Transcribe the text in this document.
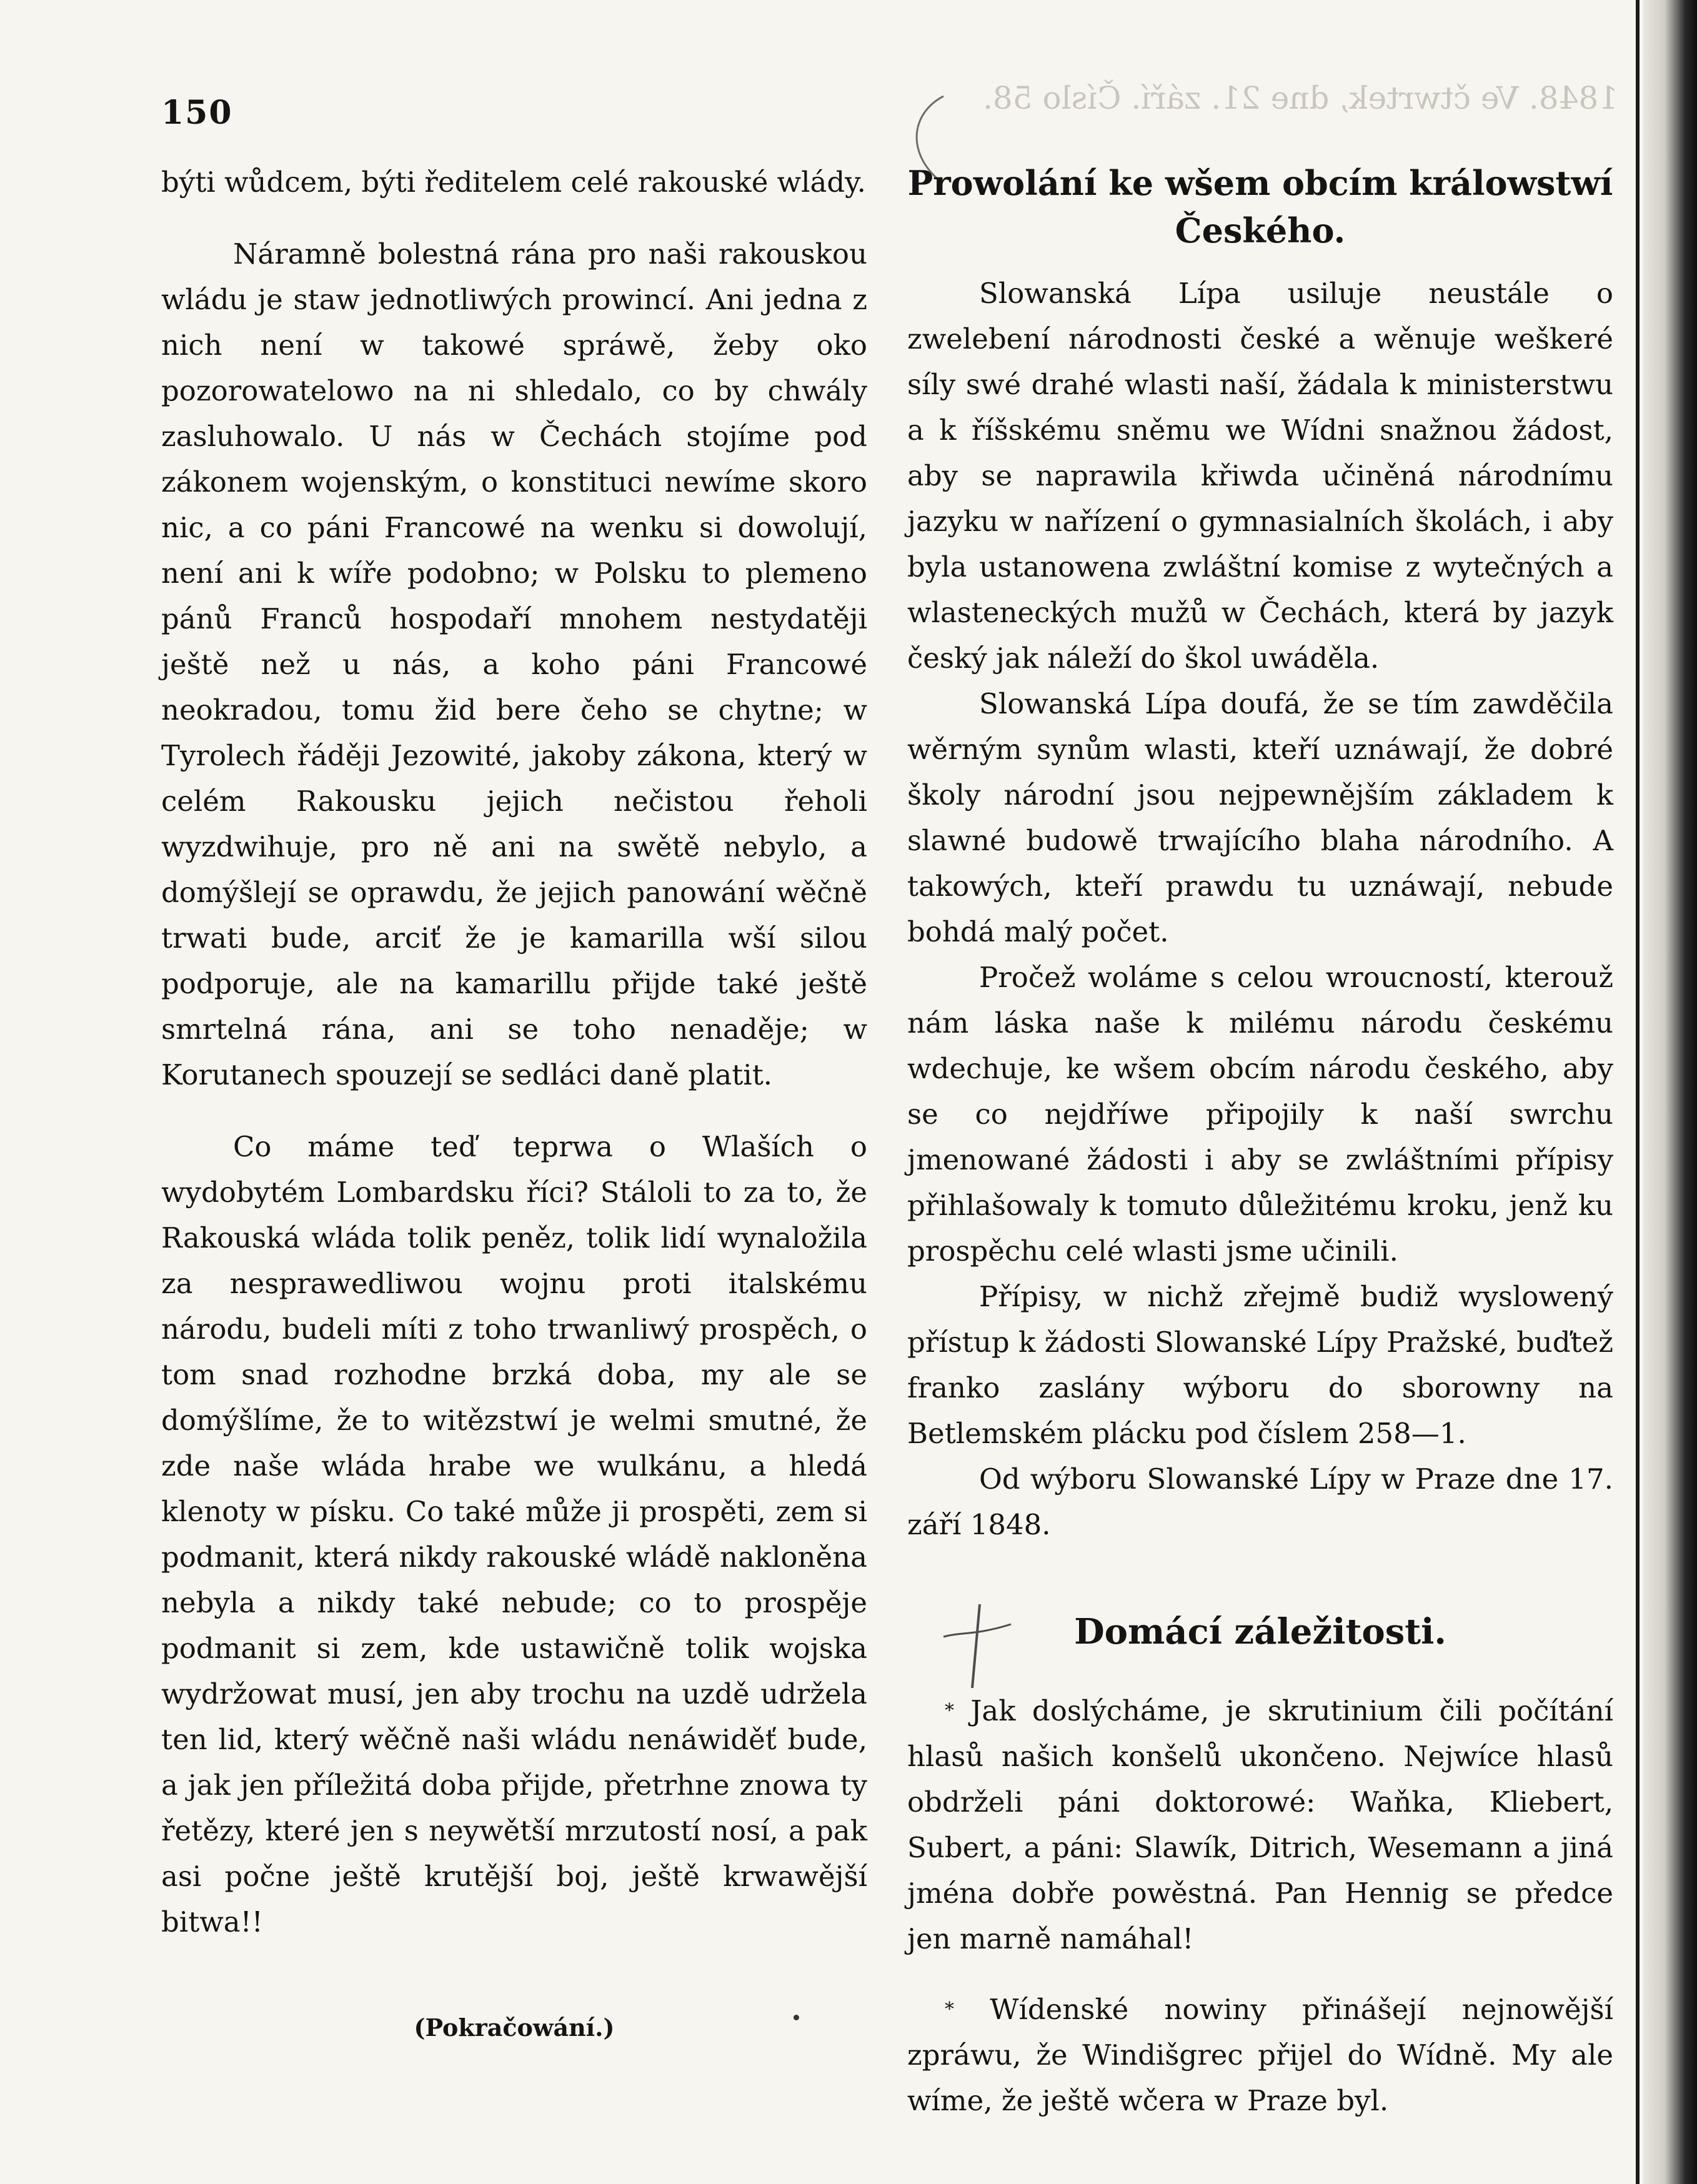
1848. Ve čtwrtek, dne 21. září. Číslo 58.
150

býti wůdcem, býti ředitelem celé rakouské wlády.

Náramně bolestná rána pro naši rakouskou wládu je staw jednotliwých prowincí. Ani jedna z nich není w takowé spráwě, žeby oko pozorowatelowo na ni shledalo, co by chwály zasluhowalo. U nás w Čechách stojíme pod zákonem wojenským, o konstituci newíme skoro nic, a co páni Francowé na wenku si dowolují, není ani k wíře podobno; w Polsku to plemeno pánů Franců hospodaří mnohem nestydatěji ještě než u nás, a koho páni Francowé neokradou, tomu žid bere čeho se chytne; w Tyrolech řáději Jezowité, jakoby zákona, který w celém Rakousku jejich nečistou řeholi wyzdwihuje, pro ně ani na swětě nebylo, a domýšlejí se oprawdu, že jejich panowání wěčně trwati bude, arciť že je kamarilla wší silou podporuje, ale na kamarillu přijde také ještě smrtelná rána, ani se toho nenaděje; w Korutanech spouzejí se sedláci daně platit.

Co máme teď teprwa o Wlaších o wydobytém Lombardsku říci? Stáloli to za to, že Rakouská wláda tolik peněz, tolik lidí wynaložila za nesprawedliwou wojnu proti italskému národu, budeli míti z toho trwanliwý prospěch, o tom snad rozhodne brzká doba, my ale se domýšlíme, že to witězstwí je welmi smutné, že zde naše wláda hrabe we wulkánu, a hledá klenoty w písku. Co také může ji prospěti, zem si podmanit, která nikdy rakouské wládě nakloněna nebyla a nikdy také nebude; co to prospěje podmanit si zem, kde ustawičně tolik wojska wydržowat musí, jen aby trochu na uzdě udržela ten lid, který wěčně naši wládu nenáwiděť bude, a jak jen příležitá doba přijde, přetrhne znowa ty řetězy, které jen s neywětší mrzutostí nosí, a pak asi počne ještě krutější boj, ještě krwawější bitwa!!

(Pokračowání.)
Prowolání ke wšem obcím králowstwí Českého.

Slowanská Lípa usiluje neustále o zwelebení národnosti české a wěnuje weškeré síly swé drahé wlasti naší, žádala k ministerstwu a k říšskému sněmu we Wídni snažnou žádost, aby se naprawila křiwda učiněná národnímu jazyku w nařízení o gymnasialních školách, i aby byla ustanowena zwláštní komise z wytečných a wlasteneckých mužů w Čechách, která by jazyk český jak náleží do škol uwáděla.

Slowanská Lípa doufá, že se tím zawděčila wěrným synům wlasti, kteří uznáwají, že dobré školy národní jsou nejpewnějším základem k slawné budowě trwajícího blaha národního. A takowých, kteří prawdu tu uznáwají, nebude bohdá malý počet.

Pročež woláme s celou wroucností, kterouž nám láska naše k milému národu českému wdechuje, ke wšem obcím národu českého, aby se co nejdříwe připojily k naší swrchu jmenowané žádosti i aby se zwláštními přípisy přihlašowaly k tomuto důležitému kroku, jenž ku prospěchu celé wlasti jsme učinili.

Přípisy, w nichž zřejmě budiž wyslowený přístup k žádosti Slowanské Lípy Pražské, buďtež franko zaslány wýboru do sborowny na Betlemském plácku pod číslem 258—1.

Od wýboru Slowanské Lípy w Praze dne 17. září 1848.

Domácí záležitosti.

* Jak doslýcháme, je skrutinium čili počítání hlasů našich konšelů ukončeno. Nejwíce hlasů obdrželi páni doktorowé: Waňka, Kliebert, Subert, a páni: Slawík, Ditrich, Wesemann a jiná jména dobře powěstná. Pan Hennig se předce jen marně namáhal!

* Wídenské nowiny přinášejí nejnowější zpráwu, že Windišgrec přijel do Wídně. My ale wíme, že ještě wčera w Praze byl.
